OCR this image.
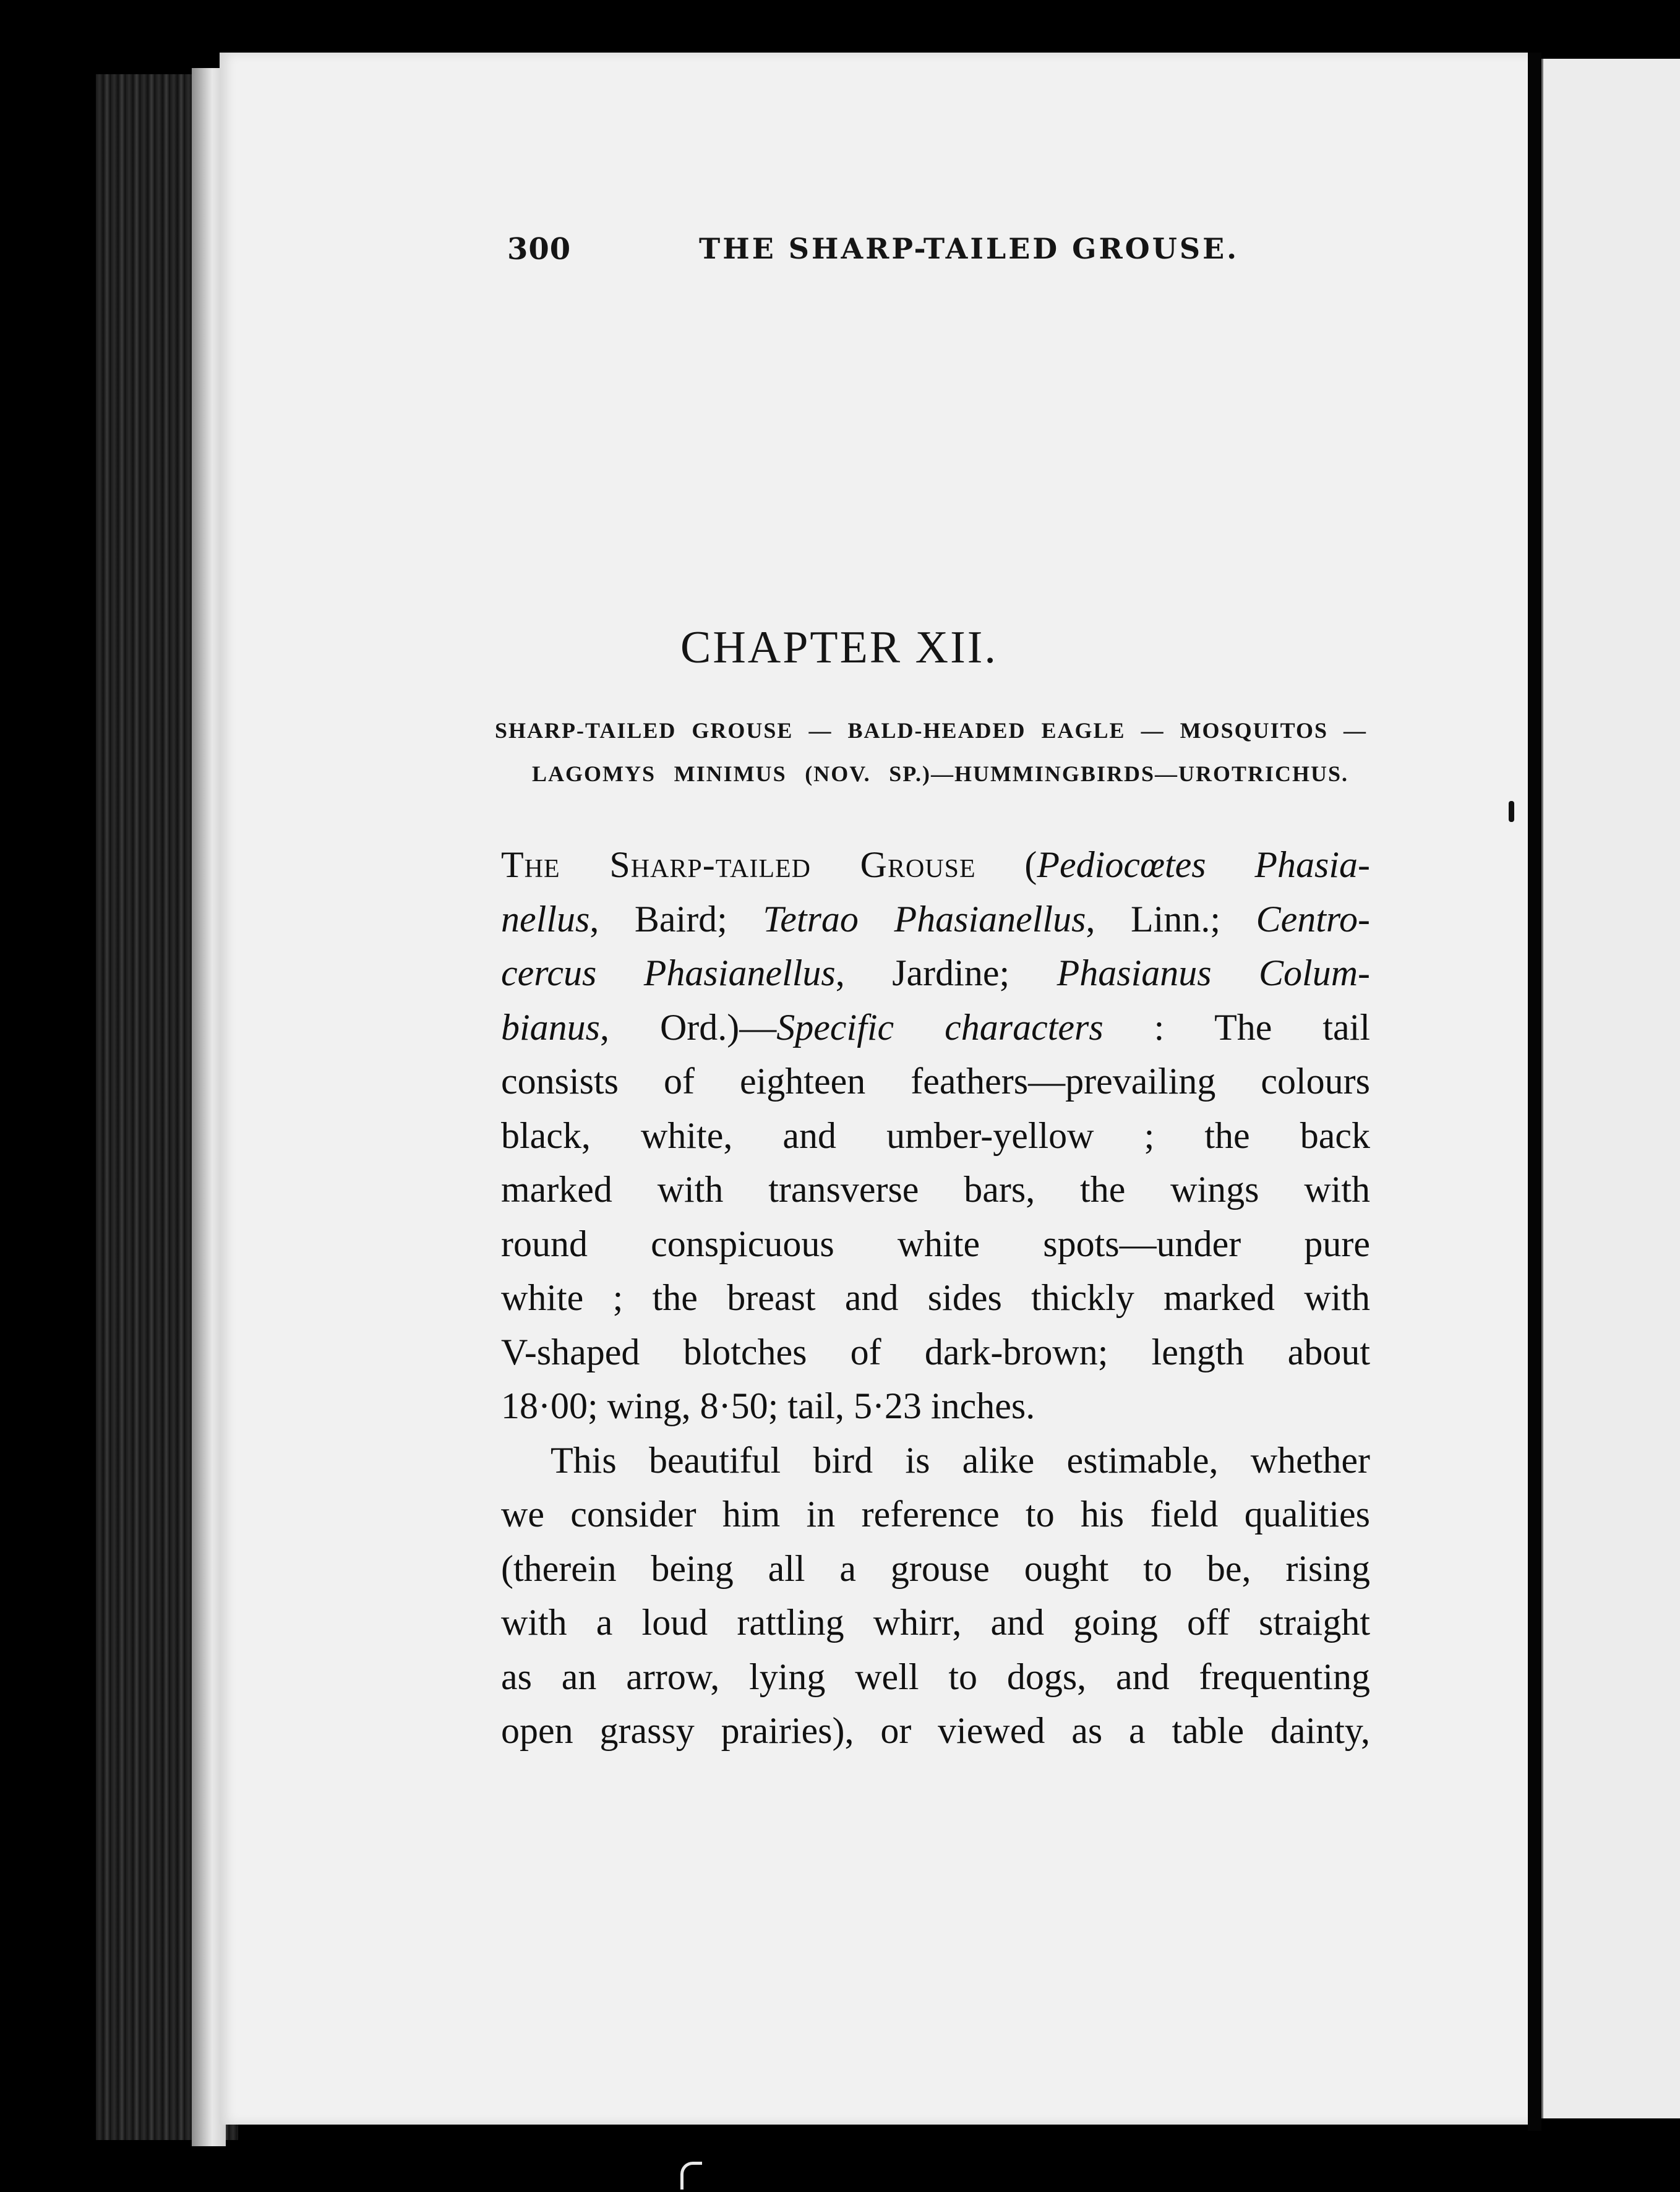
300	THE SHARP-TAILED GROUSE.
CHAPTER XII.
SHARP-TAILED GROUSE — BALD-HEADED EAGLE — MOSQUITOS —
LAGOMYS MINIMUS (NOV. SP.)—HUMMINGBIRDS—UROTRICHUS.
The Sharp-tailed Grouse (Pediocœtes Phasia-
nellus, Baird; Tetrao Phasianellus, Linn.; Centro-
cercus Phasianellus, Jardine; Phasianus Colum-
bianus, Ord.)—Specific characters : The tail
consists of eighteen feathers—prevailing colours
black, white, and umber-yellow ; the back
marked with transverse bars, the wings with
round conspicuous white spots—under pure
white ; the breast and sides thickly marked with
V-shaped blotches of dark-brown; length about
18·00; wing, 8·50; tail, 5·23 inches.
This beautiful bird is alike estimable, whether
we consider him in reference to his field qualities
(therein being all a grouse ought to be, rising
with a loud rattling whirr, and going off straight
as an arrow, lying well to dogs, and frequenting
open grassy prairies), or viewed as a table dainty,
